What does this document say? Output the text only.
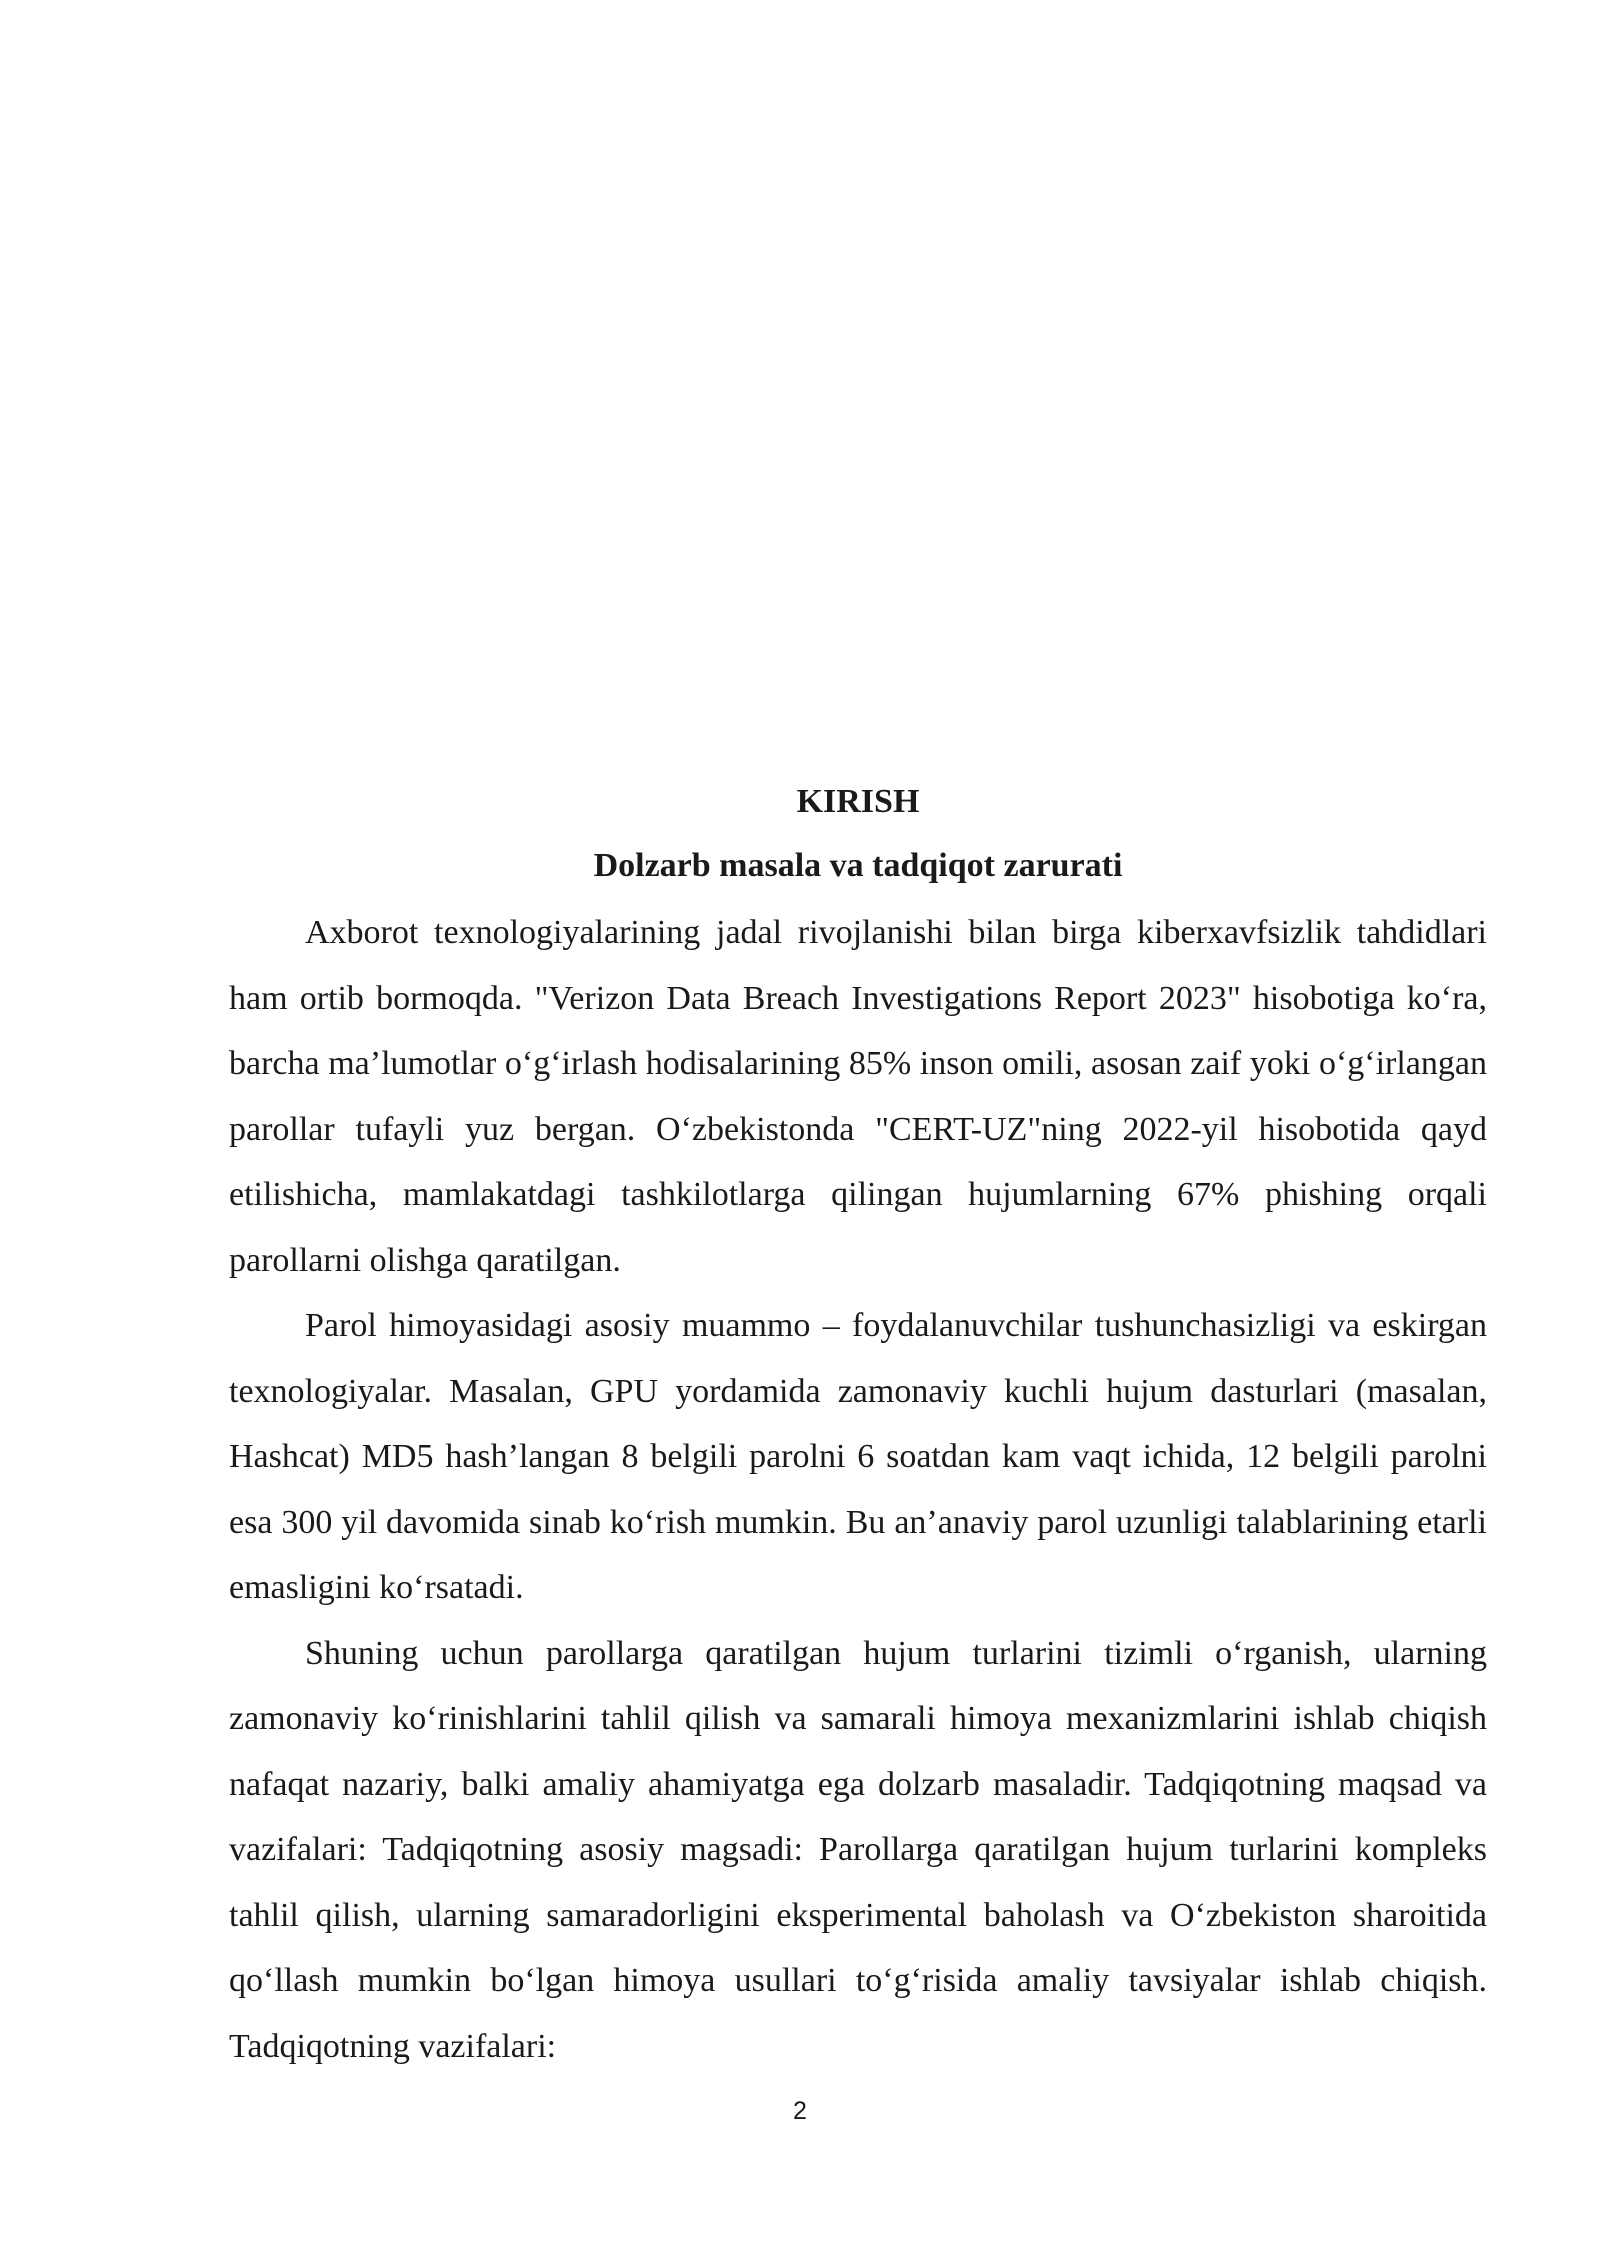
KIRISH
Dolzarb masala va tadqiqot zarurati

Axborot texnologiyalarining jadal rivojlanishi bilan birga kiberxavfsizlik tahdidlari ham ortib bormoqda. "Verizon Data Breach Investigations Report 2023" hisobotiga ko‘ra, barcha ma’lumotlar o‘g‘irlash hodisalarining 85% inson omili, asosan zaif yoki o‘g‘irlangan parollar tufayli yuz bergan. O‘zbekistonda "CERT-UZ"ning 2022-yil hisobotida qayd etilishicha, mamlakatdagi tashkilotlarga qilingan hujumlarning 67% phishing orqali parollarni olishga qaratilgan.

Parol himoyasidagi asosiy muammo – foydalanuvchilar tushunchasizligi va eskirgan texnologiyalar. Masalan, GPU yordamida zamonaviy kuchli hujum dasturlari (masalan, Hashcat) MD5 hash’langan 8 belgili parolni 6 soatdan kam vaqt ichida, 12 belgili parolni esa 300 yil davomida sinab ko‘rish mumkin. Bu an’anaviy parol uzunligi talablarining etarli emasligini ko‘rsatadi.

Shuning uchun parollarga qaratilgan hujum turlarini tizimli o‘rganish, ularning zamonaviy ko‘rinishlarini tahlil qilish va samarali himoya mexanizmlarini ishlab chiqish nafaqat nazariy, balki amaliy ahamiyatga ega dolzarb masaladir. Tadqiqotning maqsad va vazifalari: Tadqiqotning asosiy magsadi: Parollarga qaratilgan hujum turlarini kompleks tahlil qilish, ularning samaradorligini eksperimental baholash va O‘zbekiston sharoitida qo‘llash mumkin bo‘lgan himoya usullari to‘g‘risida amaliy tavsiyalar ishlab chiqish. Tadqiqotning vazifalari:

2
